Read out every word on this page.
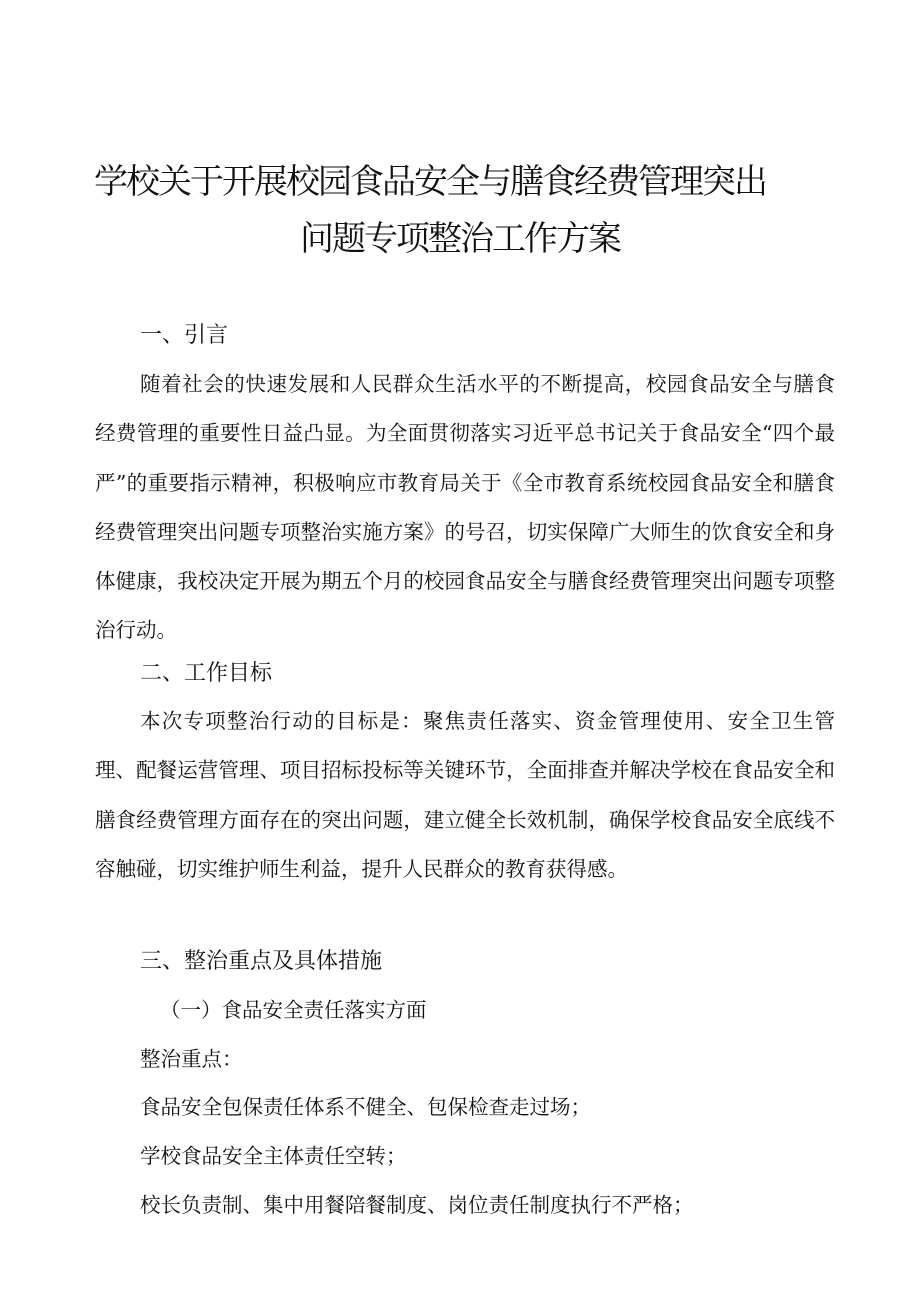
学校关于开展校园食品安全与膳食经费管理突出
问题专项整治工作方案
一、引言

随着社会的快速发展和人民群众生活水平的不断提高，校园食品安全与膳食经费管理的重要性日益凸显。为全面贯彻落实习近平总书记关于食品安全“四个最严”的重要指示精神，积极响应市教育局关于《全市教育系统校园食品安全和膳食经费管理突出问题专项整治实施方案》的号召，切实保障广大师生的饮食安全和身体健康，我校决定开展为期五个月的校园食品安全与膳食经费管理突出问题专项整治行动。

二、工作目标

本次专项整治行动的目标是：聚焦责任落实、资金管理使用、安全卫生管理、配餐运营管理、项目招标投标等关键环节，全面排查并解决学校在食品安全和膳食经费管理方面存在的突出问题，建立健全长效机制，确保学校食品安全底线不容触碰，切实维护师生利益，提升人民群众的教育获得感。

三、整治重点及具体措施

（一）食品安全责任落实方面

整治重点：

食品安全包保责任体系不健全、包保检查走过场；

学校食品安全主体责任空转；

校长负责制、集中用餐陪餐制度、岗位责任制度执行不严格；
